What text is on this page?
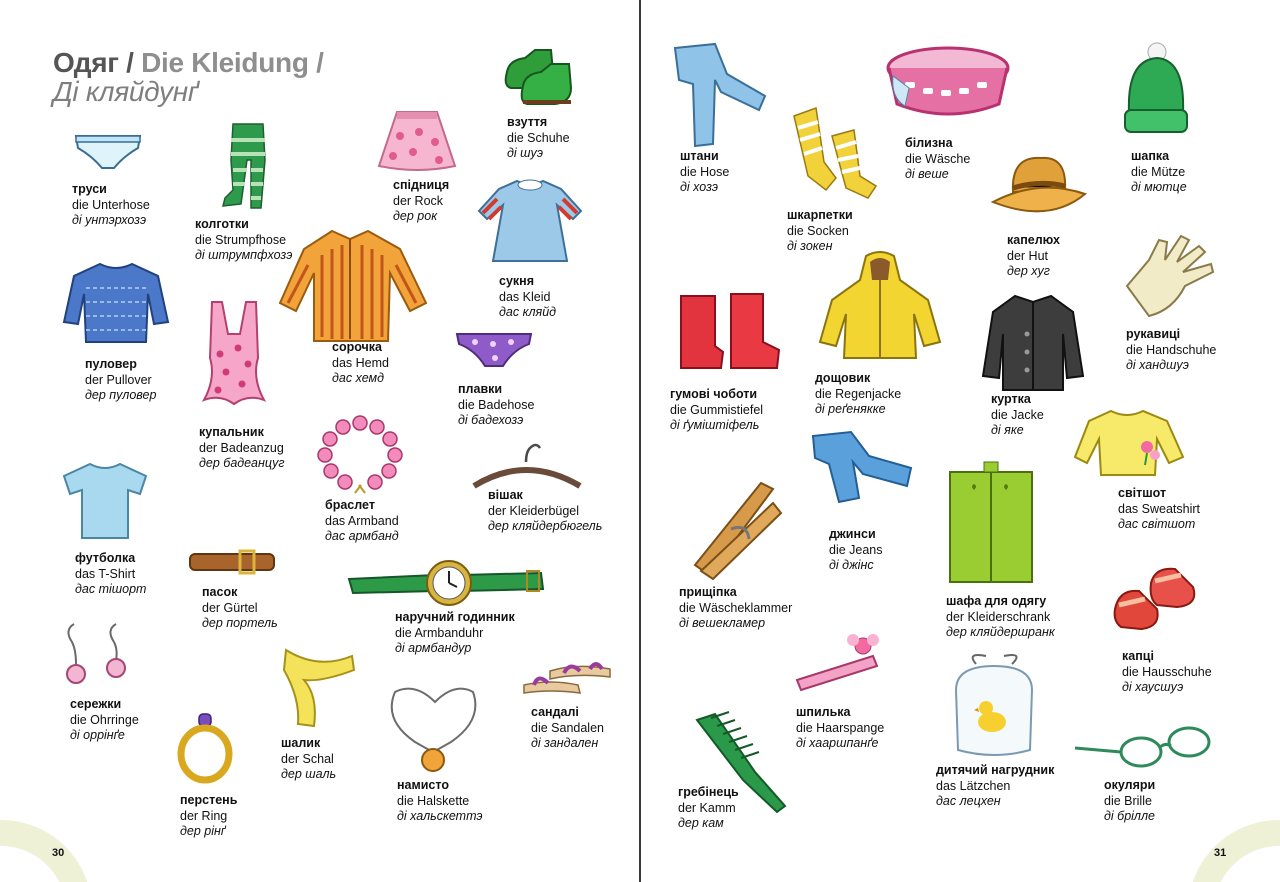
30
Одяг / Die Kleidung /
Ді кляйдунґ
труси
die Unterhose
ді унтэрхозэ	колготки
die Strumpfhose
ді штрумпфхозэ
спідниця
der Rock
дер рок
взуття
die Schuhe
ді шуэ
пуловер
der Pullover
дер пуловер
сорочка
das Hemd
дас хемд
сукня
das Kleid
дас кляйд
плавки
die Badehose
ді бадехозэ
купальник
der Badeanzug
дер бадеанцуг
браслет
das Armband
дас армбанд
вішак
der Kleiderbügel
дер кляйдербюгель
футболка
das T-Shirt
дас тішорт	пасок
der Gürtel
дер портель	наручний годинник
die Armbanduhr
ді армбандур
сережки
die Ohrringe
ді оррінґе
сандалі
die Sandalen
ді зандален
шалик
der Schal
дер шаль
перстень
der Ring
дер рінґ
намисто
die Halskette
ді хальскеттэ
31
штани
die Hose
ді хозэ
шкарпетки
die Socken
ді зокен
білизна
die Wäsche
ді веше
шапка
die Mütze
ді мютце
капелюх
der Hut
дер хуг
рукавиці
die Handschuhe
ді хандшуэ
гумові чоботи
die Gummistiefel
ді ґуміштіфель
дощовик
die Regenjacke
ді реґенякке
куртка
die Jacke
ді яке
світшот
das Sweatshirt
дас світшот
джинси
die Jeans
ді джінс
прищіпка
die Wäscheklammer
ді вешекламер
шафа для одягу
der Kleiderschrank
дер кляйдершранк
капці
die Hausschuhe
ді хаусшуэ
шпилька
die Haarspange
ді хааршпанґе
дитячий нагрудник
das Lätzchen
дас лецхен
окуляри
die Brille
ді брілле
гребінець
der Kamm
дер кам
